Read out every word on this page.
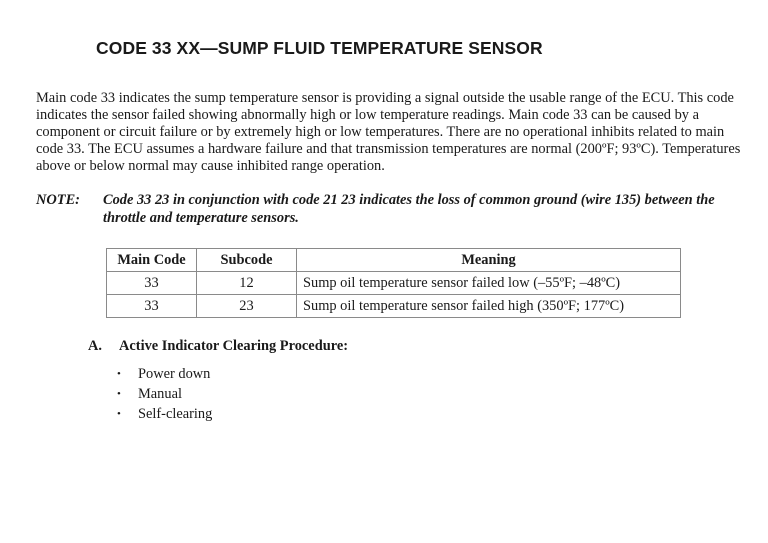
CODE 33 XX—SUMP FLUID TEMPERATURE SENSOR

Main code 33 indicates the sump temperature sensor is providing a signal outside the usable range of the ECU. This code indicates the sensor failed showing abnormally high or low temperature readings. Main code 33 can be caused by a component or circuit failure or by extremely high or low temperatures. There are no operational inhibits related to main code 33. The ECU assumes a hardware failure and that transmission temperatures are normal (200ºF; 93ºC). Temperatures above or below normal may cause inhibited range operation.

NOTE:	Code 33 23 in conjunction with code 21 23 indicates the loss of common ground (wire 135) between the throttle and temperature sensors.
Main Code	Subcode	Meaning
33	12	Sump oil temperature sensor failed low (–55ºF; –48ºC)
33	23	Sump oil temperature sensor failed high (350ºF; 177ºC)
A.	Active Indicator Clearing Procedure:
•	Power down
•	Manual
•	Self-clearing
